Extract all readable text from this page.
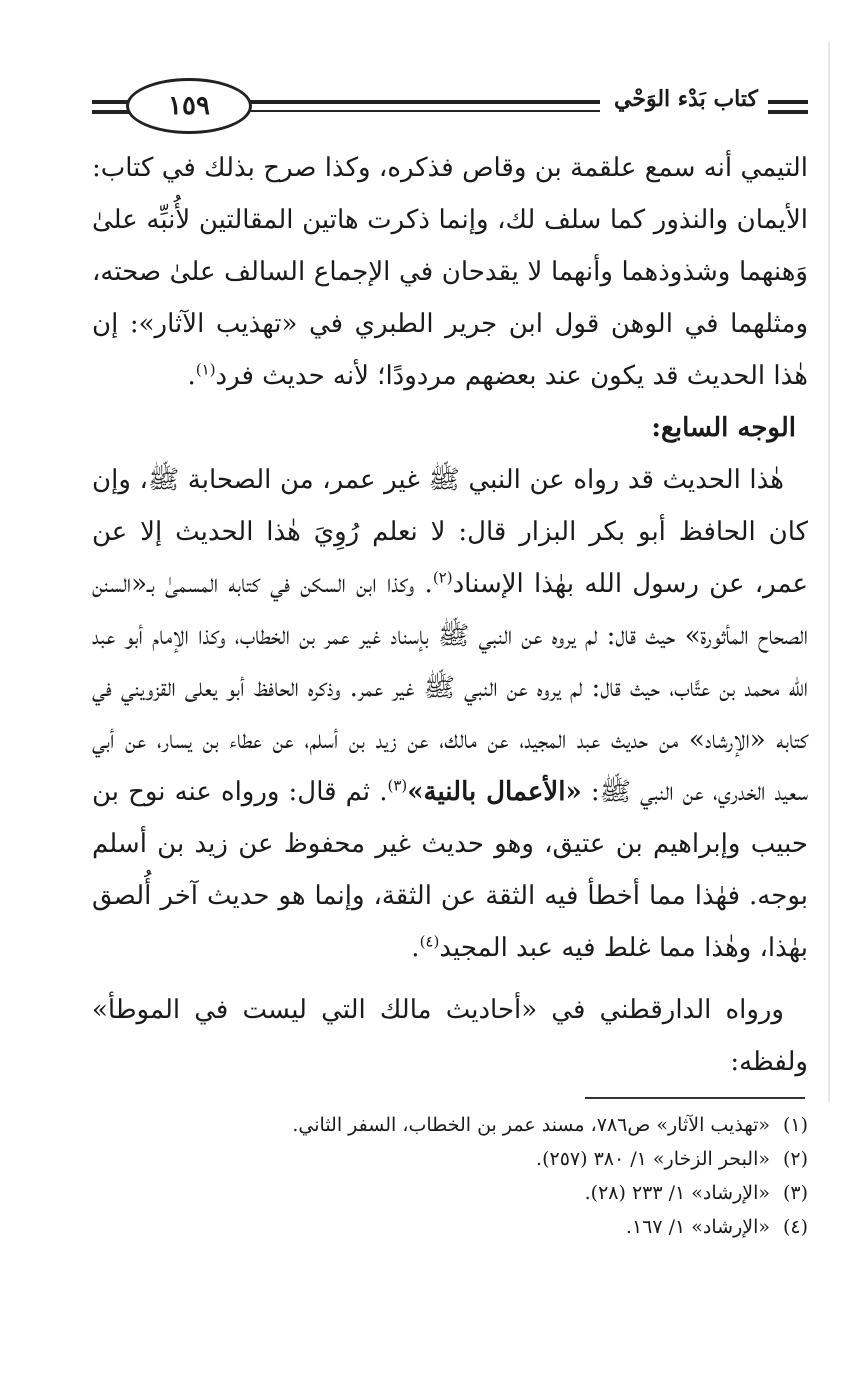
١٥٩	كتاب بَدْء الوَحْي

التيمي أنه سمع علقمة بن وقاص فذكره، وكذا صرح بذلك في كتاب: الأيمان والنذور كما سلف لك، وإنما ذكرت هاتين المقالتين لأُنبِّه علىٰ وَهنهما وشذوذهما وأنهما لا يقدحان في الإجماع السالف علىٰ صحته، ومثلهما في الوهن قول ابن جرير الطبري في «تهذيب الآثار»: إن هٰذا الحديث قد يكون عند بعضهم مردودًا؛ لأنه حديث فرد$^{(١)}$.

الوجه السابع:

هٰذا الحديث قد رواه عن النبي ﷺ غير عمر، من الصحابة ﷺ، وإن كان الحافظ أبو بكر البزار قال: لا نعلم رُوِيَ هٰذا الحديث إلا عن عمر، عن رسول الله بهٰذا الإسناد$^{(٢)}$. وكذا ابن السكن في كتابه المسمىٰ بـ«السنن الصحاح المأثورة» حيث قال: لم يروه عن النبي ﷺ بإسناد غير عمر بن الخطاب، وكذا الإمام أبو عبد الله محمد بن عتَّاب، حيث قال: لم يروه عن النبي ﷺ غير عمر. وذكره الحافظ أبو يعلى القزويني في كتابه «الإرشاد» من حديث عبد المجيد، عن مالك، عن زيد بن أسلم، عن عطاء بن يسار، عن أبي سعيد الخدري، عن النبي ﷺ: «الأعمال بالنية»$^{(٣)}$. ثم قال: ورواه عنه نوح بن حبيب وإبراهيم بن عتيق، وهو حديث غير محفوظ عن زيد بن أسلم بوجه. فهٰذا مما أخطأ فيه الثقة عن الثقة، وإنما هو حديث آخر أُلصق بهٰذا، وهٰذا مما غلط فيه عبد المجيد$^{(٤)}$.

ورواه الدارقطني في «أحاديث مالك التي ليست في الموطأ» ولفظه:

(١)«تهذيب الآثار» ص٧٨٦، مسند عمر بن الخطاب، السفر الثاني.
(٢)«البحر الزخار» ١/ ٣٨٠ (٢٥٧).
(٣)«الإرشاد» ١/ ٢٣٣ (٢٨).
(٤)«الإرشاد» ١/ ١٦٧.
